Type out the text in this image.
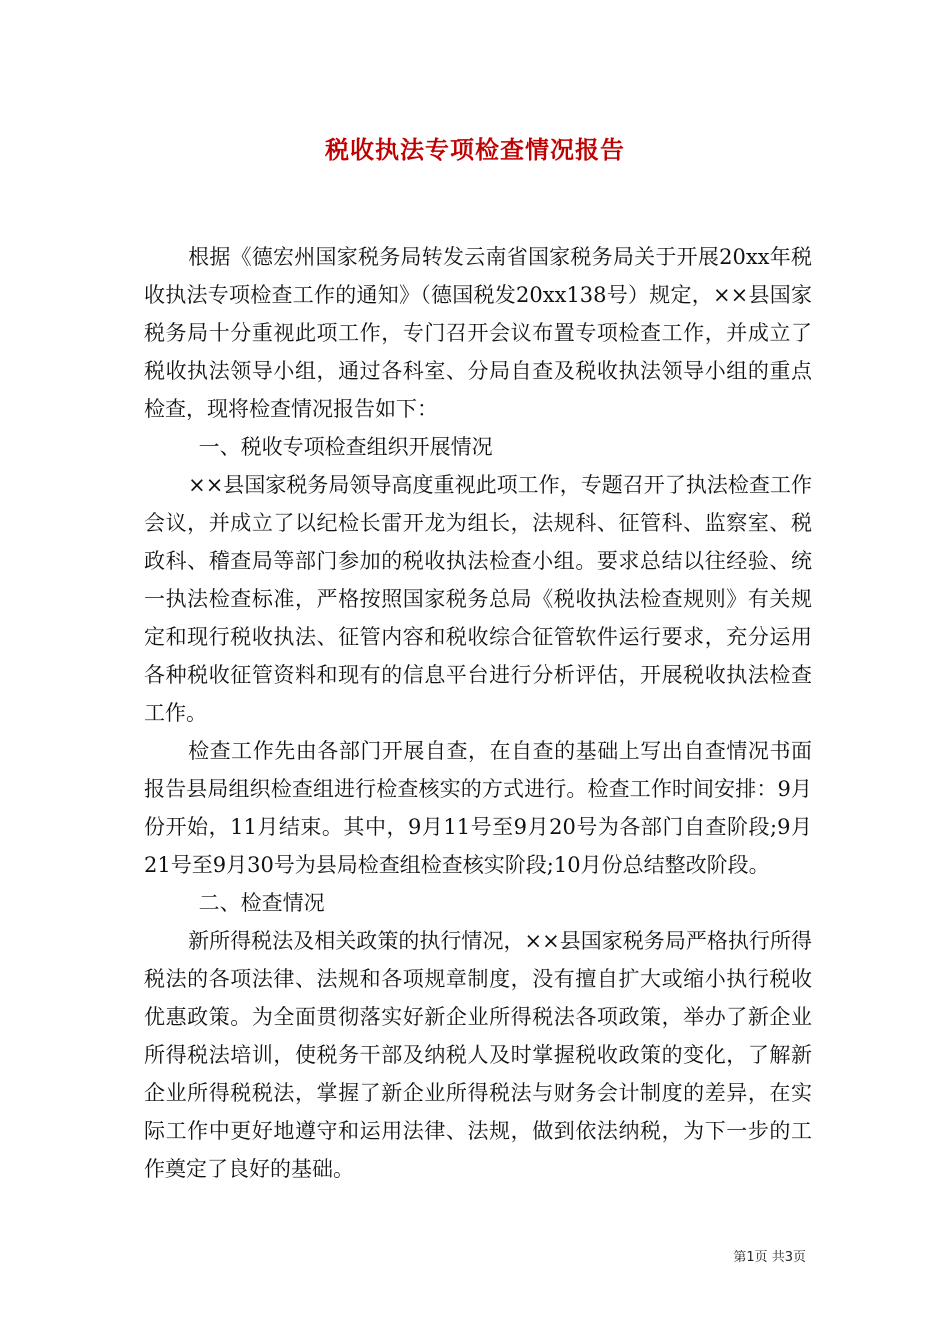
税收执法专项检查情况报告

根据《德宏州国家税务局转发云南省国家税务局关于开展20xx年税收执法专项检查工作的通知》（德国税发20xx138号）规定，××县国家税务局十分重视此项工作，专门召开会议布置专项检查工作，并成立了税收执法领导小组，通过各科室、分局自查及税收执法领导小组的重点检查，现将检查情况报告如下：

一、税收专项检查组织开展情况

××县国家税务局领导高度重视此项工作，专题召开了执法检查工作会议，并成立了以纪检长雷开龙为组长，法规科、征管科、监察室、税政科、稽查局等部门参加的税收执法检查小组。要求总结以往经验、统一执法检查标准，严格按照国家税务总局《税收执法检查规则》有关规定和现行税收执法、征管内容和税收综合征管软件运行要求，充分运用各种税收征管资料和现有的信息平台进行分析评估，开展税收执法检查工作。

检查工作先由各部门开展自查，在自查的基础上写出自查情况书面报告县局组织检查组进行检查核实的方式进行。检查工作时间安排：9月份开始，11月结束。其中，9月11号至9月20号为各部门自查阶段;9月21号至9月30号为县局检查组检查核实阶段;10月份总结整改阶段。

二、检查情况

新所得税法及相关政策的执行情况，××县国家税务局严格执行所得税法的各项法律、法规和各项规章制度，没有擅自扩大或缩小执行税收优惠政策。为全面贯彻落实好新企业所得税法各项政策，举办了新企业所得税法培训，使税务干部及纳税人及时掌握税收政策的变化，了解新企业所得税税法，掌握了新企业所得税法与财务会计制度的差异，在实际工作中更好地遵守和运用法律、法规，做到依法纳税，为下一步的工作奠定了良好的基础。

第1页 共3页
